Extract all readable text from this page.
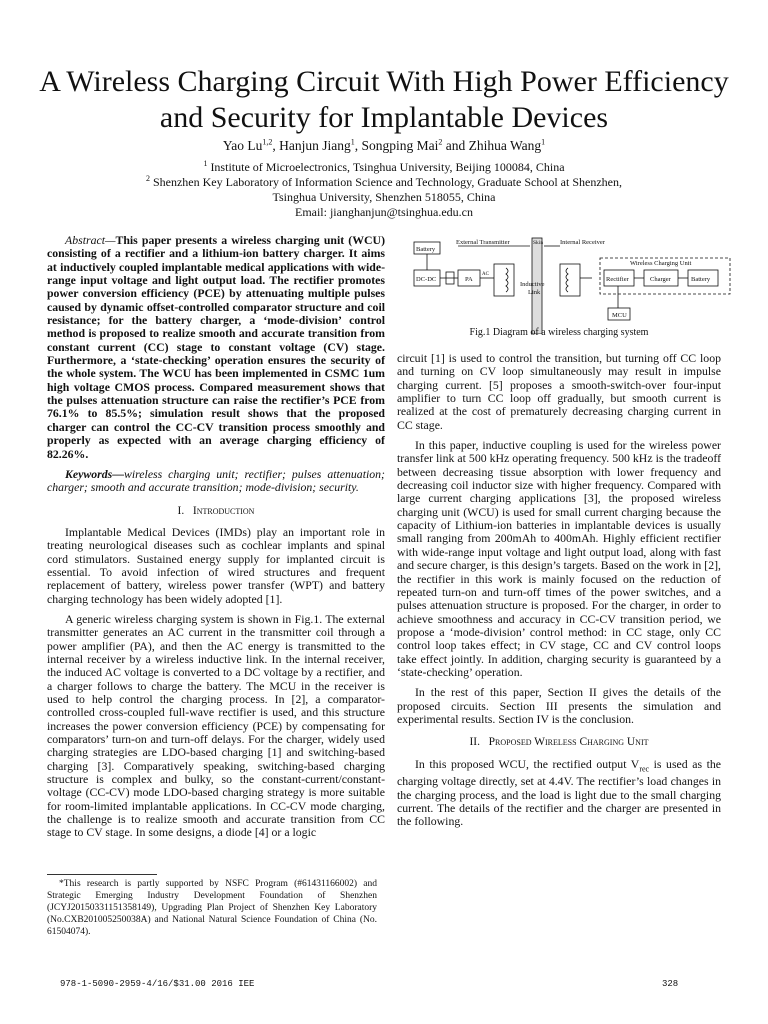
A Wireless Charging Circuit With High Power Efficiency and Security for Implantable Devices
Yao Lu$^{1,2}$, Hanjun Jiang$^1$, Songping Mai$^2$ and Zhihua Wang$^1$
$^1$ Institute of Microelectronics, Tsinghua University, Beijing 100084, China
$^2$ Shenzhen Key Laboratory of Information Science and Technology, Graduate School at Shenzhen,
Tsinghua University, Shenzhen 518055, China
Email: jianghanjun@tsinghua.edu.cn

Abstract—This paper presents a wireless charging unit (WCU) consisting of a rectifier and a lithium-ion battery charger. It aims at inductively coupled implantable medical applications with wide-range input voltage and light output load. The rectifier promotes power conversion efficiency (PCE) by attenuating multiple pulses caused by dynamic offset-controlled comparator structure and coil resistance; for the battery charger, a ‘mode-division’ control method is proposed to realize smooth and accurate transition from constant current (CC) stage to constant voltage (CV) stage. Furthermore, a ‘state-checking’ operation ensures the security of the whole system. The WCU has been implemented in CSMC 1um high voltage CMOS process. Compared measurement shows that the pulses attenuation structure can raise the rectifier’s PCE from 76.1% to 85.5%; simulation result shows that the proposed charger can control the CC-CV transition process smoothly and properly as expected with an average charging efficiency of 82.26%.

Keywords—wireless charging unit; rectifier; pulses attenuation; charger; smooth and accurate transition; mode-division; security.

I. Introduction

Implantable Medical Devices (IMDs) play an important role in treating neurological diseases such as cochlear implants and spinal cord stimulators. Sustained energy supply for implanted circuit is essential. To avoid infection of wired structures and frequent replacement of battery, wireless power transfer (WPT) and battery charging technology has been widely adopted [1].

A generic wireless charging system is shown in Fig.1. The external transmitter generates an AC current in the transmitter coil through a power amplifier (PA), and then the AC energy is transmitted to the internal receiver by a wireless inductive link. In the internal receiver, the induced AC voltage is converted to a DC voltage by a rectifier, and a charger follows to charge the battery. The MCU in the receiver is used to help control the charging process. In [2], a comparator-controlled cross-coupled full-wave rectifier is used, and this structure increases the power conversion efficiency (PCE) by compensating for comparators’ turn-on and turn-off delays. For the charger, widely used charging strategies are LDO-based charging [1] and switching-based charging [3]. Comparatively speaking, switching-based charging structure is complex and bulky, so the constant-current/constant-voltage (CC-CV) mode LDO-based charging strategy is more suitable for room-limited implantable applications. In CC-CV mode charging, the challenge is to realize smooth and accurate transition from CC stage to CV stage. In some designs, a diode [4] or a logic

*This research is partly supported by NSFC Program (#61431166002) and Strategic Emerging Industry Development Foundation of Shenzhen (JCYJ20150331151358149), Upgrading Plan Project of Shenzhen Key Laboratory (No.CXB201005250038A) and National Natural Science Foundation of China (No. 61504074).
Battery
External Transmitter	Skin	Internal Receiver
DC-DC	PA
AC
Inductive
Link
Wireless Charging Unit
Rectifier	Charger	Battery
MCU
Fig.1 Diagram of a wireless charging system

circuit [1] is used to control the transition, but turning off CC loop and turning on CV loop simultaneously may result in impulse charging current. [5] proposes a smooth-switch-over four-input amplifier to turn CC loop off gradually, but smooth current is realized at the cost of prematurely decreasing charging current in CC stage.

In this paper, inductive coupling is used for the wireless power transfer link at 500 kHz operating frequency. 500 kHz is the tradeoff between decreasing tissue absorption with lower frequency and decreasing coil inductor size with higher frequency. Compared with large current charging applications [3], the proposed wireless charging unit (WCU) is used for small current charging because the capacity of Lithium-ion batteries in implantable devices is usually small ranging from 200mAh to 400mAh. Highly efficient rectifier with wide-range input voltage and light output load, along with fast and secure charger, is this design’s targets. Based on the work in [2], the rectifier in this work is mainly focused on the reduction of repeated turn-on and turn-off times of the power switches, and a pulses attenuation structure is proposed. For the charger, in order to achieve smoothness and accuracy in CC-CV transition period, we propose a ‘mode-division’ control method: in CC stage, only CC control loop takes effect; in CV stage, CC and CV control loops take effect jointly. In addition, charging security is guaranteed by a ‘state-checking’ operation.

In the rest of this paper, Section II gives the details of the proposed circuits. Section III presents the simulation and experimental results. Section IV is the conclusion.

II. Proposed Wireless Charging Unit

In this proposed WCU, the rectified output $V_{rec}$ is used as the charging voltage directly, set at 4.4V. The rectifier’s load changes in the charging process, and the load is light due to the small charging current. The details of the rectifier and the charger are presented in the following.

978-1-5090-2959-4/16/$31.00 2016 IEE	328
